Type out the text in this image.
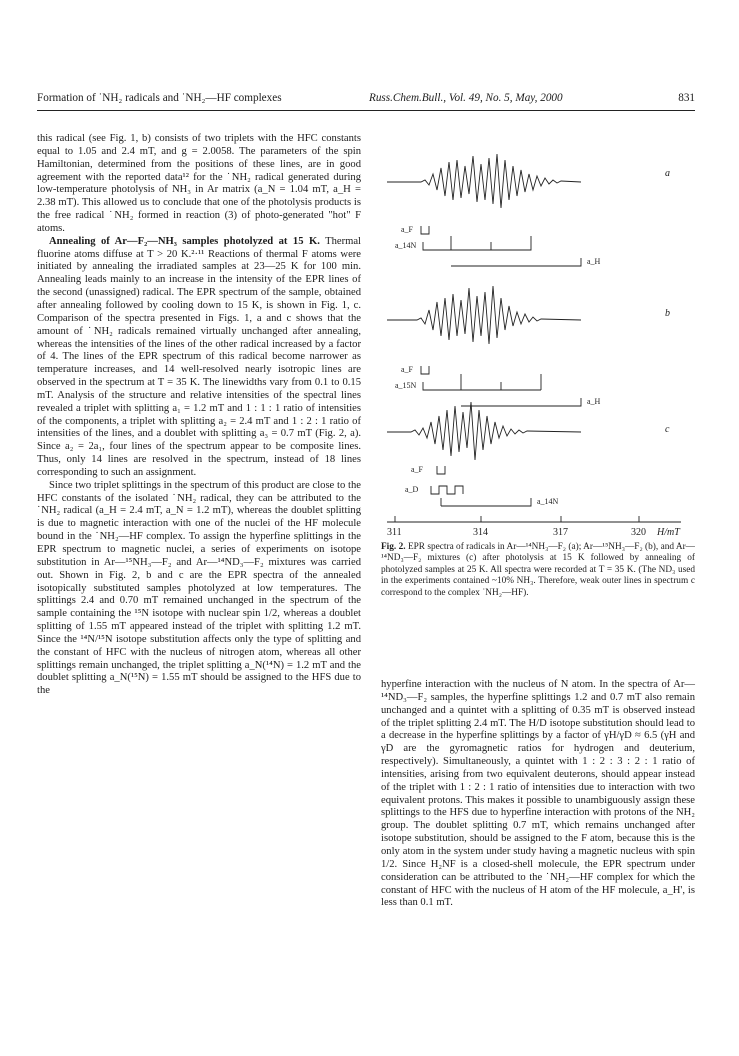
Formation of ˙NH₂ radicals and ˙NH₂—HF complexes	Russ.Chem.Bull., Vol. 49, No. 5, May, 2000	831

this radical (see Fig. 1, b) consists of two triplets with the HFC constants equal to 1.05 and 2.4 mT, and g = 2.0058. The parameters of the spin Hamiltonian, determined from the positions of these lines, are in good agreement with the reported data¹² for the ˙NH₂ radical generated during low-temperature photolysis of NH₃ in Ar matrix (a_N = 1.04 mT, a_H = 2.38 mT). This allowed us to conclude that one of the photolysis products is the free radical ˙NH₂ formed in reaction (3) of photo-generated "hot" F atoms.

Annealing of Ar—F₂—NH₃ samples photolyzed at 15 K. Thermal fluorine atoms diffuse at T > 20 K.²·¹¹ Reactions of thermal F atoms were initiated by annealing the irradiated samples at 23—25 K for 100 min. Annealing leads mainly to an increase in the intensity of the EPR lines of the second (unassigned) radical. The EPR spectrum of the sample, obtained after annealing followed by cooling down to 15 K, is shown in Fig. 1, c. Comparison of the spectra presented in Figs. 1, a and c shows that the amount of ˙NH₂ radicals remained virtually unchanged after annealing, whereas the intensities of the lines of the other radical increased by a factor of 4. The lines of the EPR spectrum of this radical become narrower as temperature increases, and 14 well-resolved nearly isotropic lines are observed in the spectrum at T = 35 K. The linewidths vary from 0.1 to 0.15 mT. Analysis of the structure and relative intensities of the spectral lines revealed a triplet with splitting a₁ = 1.2 mT and 1 : 1 : 1 ratio of intensities of the components, a triplet with splitting a₂ = 2.4 mT and 1 : 2 : 1 ratio of intensities of the lines, and a doublet with splitting a₃ = 0.7 mT (Fig. 2, a). Since a₂ = 2a₁, four lines of the spectrum appear to be composite lines. Thus, only 14 lines are resolved in the spectrum, instead of 18 lines corresponding to such an assignment.

Since two triplet splittings in the spectrum of this product are close to the HFC constants of the isolated ˙NH₂ radical, they can be attributed to the ˙NH₂ radical (a_H = 2.4 mT, a_N = 1.2 mT), whereas the doublet splitting is due to magnetic interaction with one of the nuclei of the HF molecule bound in the ˙NH₂—HF complex. To assign the hyperfine splittings in the EPR spectrum to magnetic nuclei, a series of experiments on isotope substitution in Ar—¹⁵NH₃—F₂ and Ar—¹⁴ND₃—F₂ mixtures was carried out. Shown in Fig. 2, b and c are the EPR spectra of the annealed isotopically substituted samples photolyzed at low temperatures. The splittings 2.4 and 0.70 mT remained unchanged in the spectrum of the sample containing the ¹⁵N isotope with nuclear spin 1/2, whereas a doublet splitting of 1.55 mT appeared instead of the triplet with splitting 1.2 mT. Since the ¹⁴N/¹⁵N isotope substitution affects only the type of splitting and the constant of HFC with the nucleus of nitrogen atom, whereas all other splittings remain unchanged, the triplet splitting a_N(¹⁴N) = 1.2 mT and the doublet splitting a_N(¹⁵N) = 1.55 mT should be assigned to the HFS due to the

a
b
c
a_F
a_14N
a_H
a_F
a_15N
a_H
a_F
a_D
a_14N
311	314	317	320 H/mT
Fig. 2. EPR spectra of radicals in Ar—¹⁴NH₃—F₂ (a); Ar—¹⁵NH₃—F₂ (b), and Ar—¹⁴ND₃—F₂ mixtures (c) after photolysis at 15 K followed by annealing of photolyzed samples at 25 K. All spectra were recorded at T = 35 K. (The ND₃ used in the experiments contained ~10% NH₃. Therefore, weak outer lines in spectrum c correspond to the complex ˙NH₂—HF).

hyperfine interaction with the nucleus of N atom. In the spectra of Ar—¹⁴ND₃—F₂ samples, the hyperfine splittings 1.2 and 0.7 mT also remain unchanged and a quintet with a splitting of 0.35 mT is observed instead of the triplet splitting 2.4 mT. The H/D isotope substitution should lead to a decrease in the hyperfine splittings by a factor of γH/γD ≈ 6.5 (γH and γD are the gyromagnetic ratios for hydrogen and deuterium, respectively). Simultaneously, a quintet with 1 : 2 : 3 : 2 : 1 ratio of intensities, arising from two equivalent deuterons, should appear instead of the triplet with 1 : 2 : 1 ratio of intensities due to interaction with two equivalent protons. This makes it possible to unambiguously assign these splittings to the HFS due to hyperfine interaction with protons of the NH₂ group. The doublet splitting 0.7 mT, which remains unchanged after isotope substitution, should be assigned to the F atom, because this is the only atom in the system under study having a magnetic nucleus with spin 1/2. Since H₂NF is a closed-shell molecule, the EPR spectrum under consideration can be attributed to the ˙NH₂—HF complex for which the constant of HFC with the nucleus of H atom of the HF molecule, a_H', is less than 0.1 mT.
